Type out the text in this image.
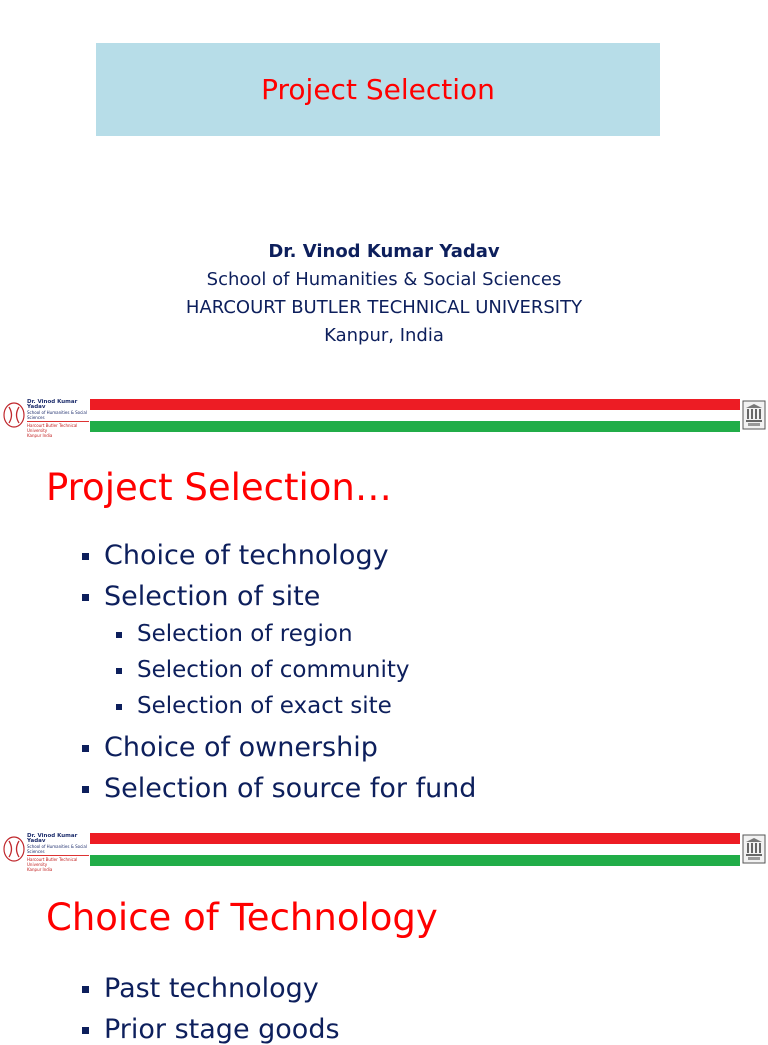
Project Selection
Dr. Vinod Kumar Yadav
School of Humanities & Social Sciences
HARCOURT BUTLER TECHNICAL UNIVERSITY
Kanpur, India
Dr. Vinod Kumar Yadav
School of Humanities & Social Sciences
Harcourt Butler Technical University
Kanpur India
Project Selection…
Choice of technology
Selection of site
Selection of region
Selection of community
Selection of exact site
Choice of ownership
Selection of source for fund
Dr. Vinod Kumar Yadav
School of Humanities & Social Sciences
Harcourt Butler Technical University
Kanpur India
Choice of Technology
Past technology
Prior stage goods
